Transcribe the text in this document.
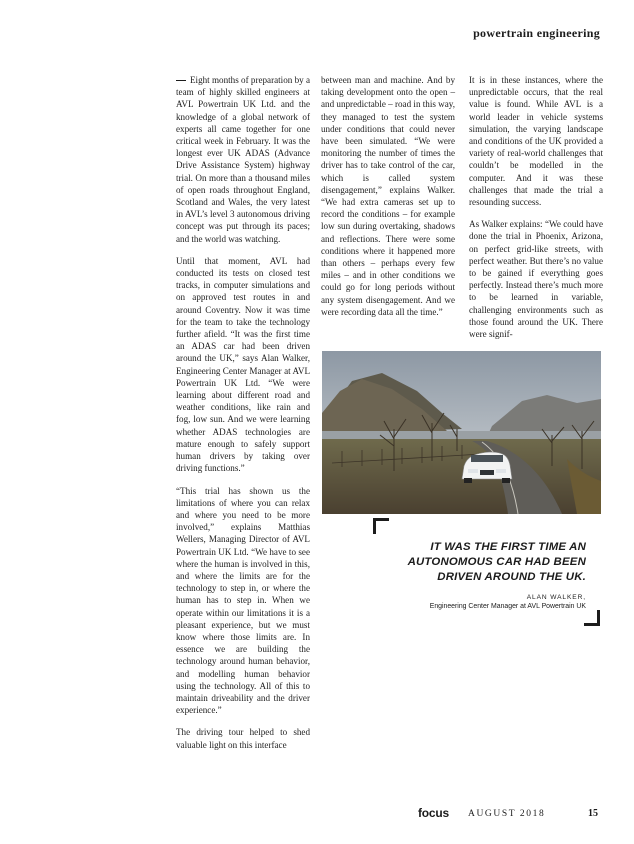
powertrain engineering

Eight months of preparation by a team of highly skilled engineers at AVL Powertrain UK Ltd. and the knowledge of a global network of experts all came together for one critical week in February. It was the longest ever UK ADAS (Advance Drive Assistance System) highway trial. On more than a thousand miles of open roads throughout England, Scotland and Wales, the very latest in AVL’s level 3 autonomous driving concept was put through its paces; and the world was watching.

Until that moment, AVL had conducted its tests on closed test tracks, in computer simulations and on approved test routes in and around Coventry. Now it was time for the team to take the technology further afield. “It was the first time an ADAS car had been driven around the UK,” says Alan Walker, Engineering Center Manager at AVL Powertrain UK Ltd. “We were learning about different road and weather conditions, like rain and fog, low sun. And we were learning whether ADAS technologies are mature enough to safely support human drivers by taking over driving functions.”

“This trial has shown us the limitations of where you can relax and where you need to be more involved,” explains Matthias Wellers, Managing Director of AVL Powertrain UK Ltd. “We have to see where the human is involved in this, and where the limits are for the technology to step in, or where the human has to step in. When we operate within our limitations it is a pleasant experience, but we must know where those limits are. In essence we are building the technology around human behavior, and modelling human behavior using the technology. All of this to maintain driveability and the driver experience.”

The driving tour helped to shed valuable light on this interface

between man and machine. And by taking development onto the open – and unpredictable – road in this way, they managed to test the system under conditions that could never have been simulated. “We were monitoring the number of times the driver has to take control of the car, which is called system disengagement,” explains Walker. “We had extra cameras set up to record the conditions – for example low sun during overtaking, shadows and reflections. There were some conditions where it happened more than others – perhaps every few miles – and in other conditions we could go for long periods without any system disengagement. And we were recording data all the time.”

It is in these instances, where the unpredictable occurs, that the real value is found. While AVL is a world leader in vehicle systems simulation, the varying landscape and conditions of the UK provided a variety of real-world challenges that couldn’t be modelled in the computer. And it was these challenges that made the trial a resounding success.

As Walker explains: “We could have done the trial in Phoenix, Arizona, on perfect grid-like streets, with perfect weather. But there’s no value to be gained if everything goes perfectly. Instead there’s much more to be learned in variable, challenging environments such as those found around the UK. There were signif-

IT WAS THE FIRST TIME AN AUTONOMOUS CAR HAD BEEN DRIVEN AROUND THE UK.
ALAN WALKER,
Engineering Center Manager at AVL Powertrain UK
focus AUGUST 2018	15
